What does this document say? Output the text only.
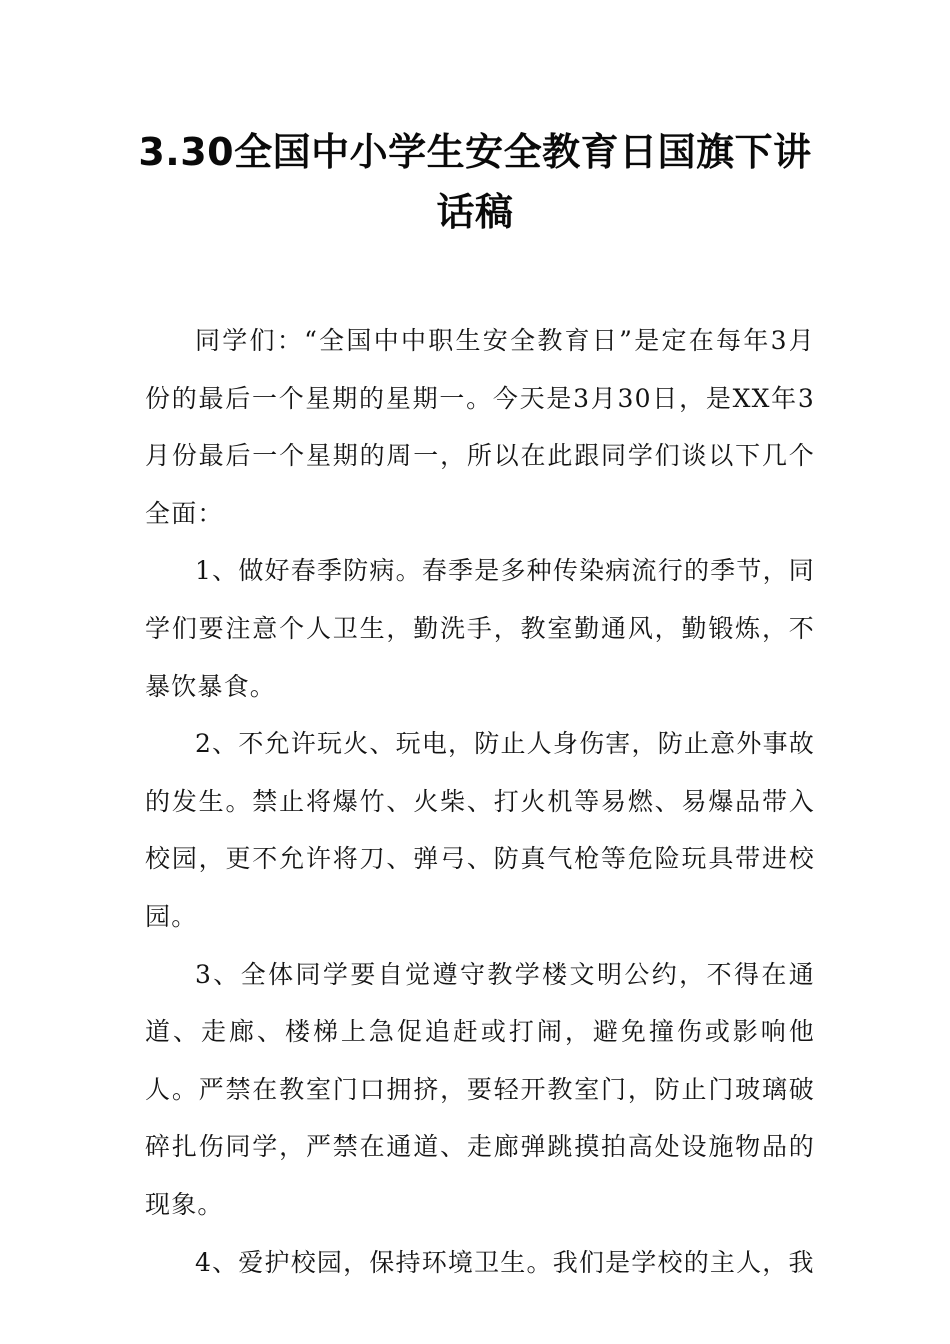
3.30全国中小学生安全教育日国旗下讲话稿

同学们：“全国中中职生安全教育日”是定在每年3月份的最后一个星期的星期一。今天是3月30日，是XX年3月份最后一个星期的周一，所以在此跟同学们谈以下几个全面：

1、做好春季防病。春季是多种传染病流行的季节，同学们要注意个人卫生，勤洗手，教室勤通风，勤锻炼，不暴饮暴食。

2、不允许玩火、玩电，防止人身伤害，防止意外事故的发生。禁止将爆竹、火柴、打火机等易燃、易爆品带入校园，更不允许将刀、弹弓、防真气枪等危险玩具带进校园。

3、全体同学要自觉遵守教学楼文明公约，不得在通道、走廊、楼梯上急促追赶或打闹，避免撞伤或影响他人。严禁在教室门口拥挤，要轻开教室门，防止门玻璃破碎扎伤同学，严禁在通道、走廊弹跳摸拍高处设施物品的现象。

4、爱护校园，保持环境卫生。我们是学校的主人，我
